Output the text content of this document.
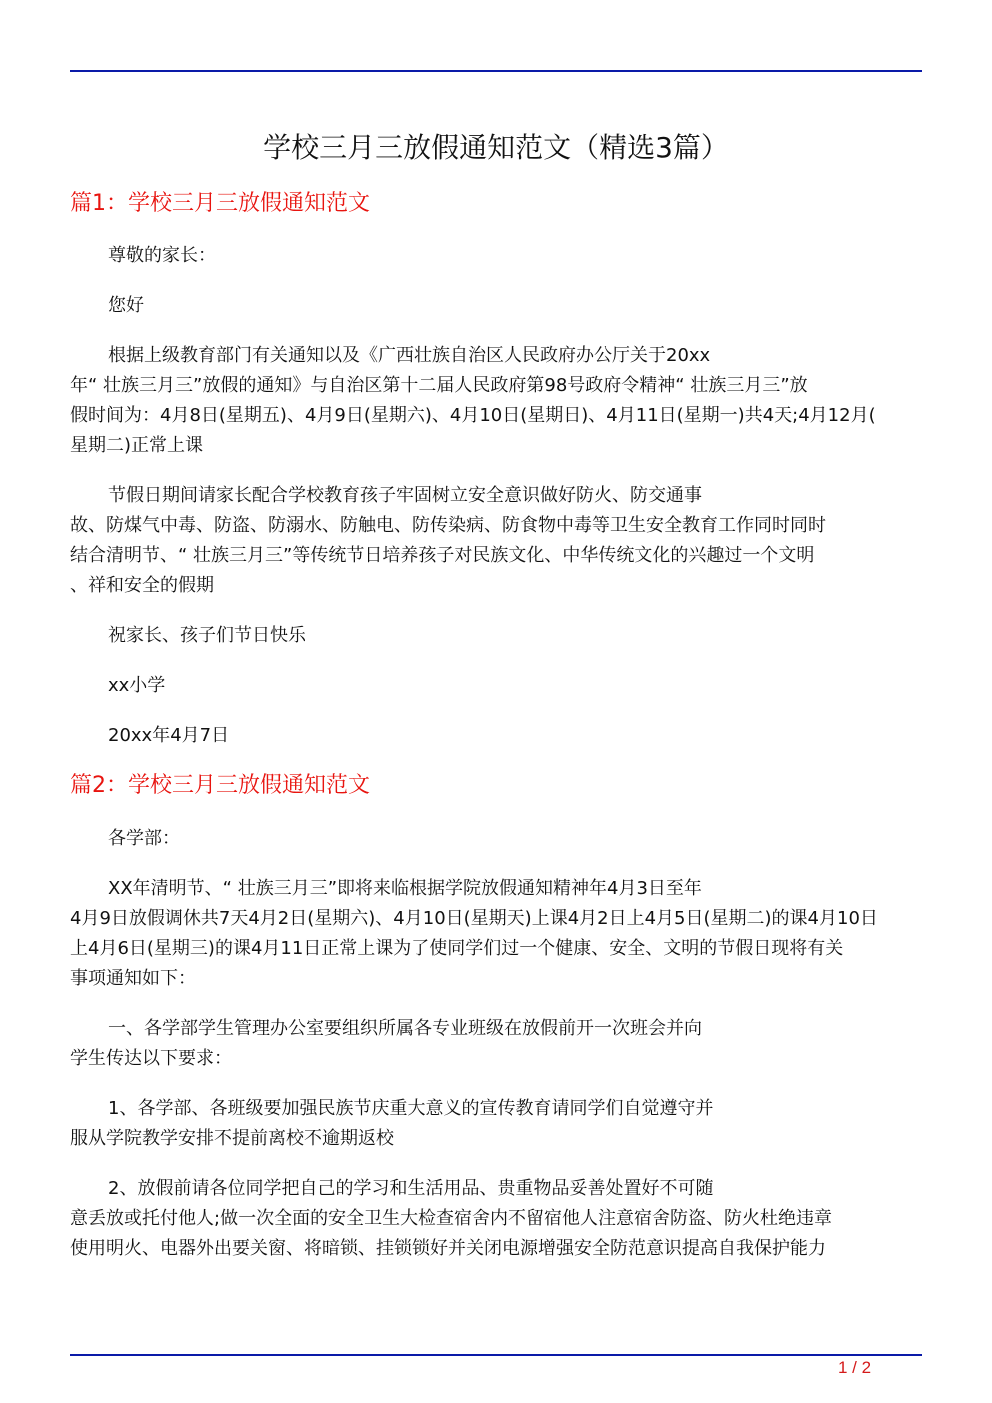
学校三月三放假通知范文（精选3篇）
篇1：学校三月三放假通知范文
尊敬的家长：
您好
根据上级教育部门有关通知以及《广西壮族自治区人民政府办公厅关于20xx
年“ 壮族三月三”放假的通知》与自治区第十二届人民政府第98号政府令精神“ 壮族三月三”放
假时间为：4月8日(星期五)、4月9日(星期六)、4月10日(星期日)、4月11日(星期一)共4天;4月12月(
星期二)正常上课
节假日期间请家长配合学校教育孩子牢固树立安全意识做好防火、防交通事
故、防煤气中毒、防盗、防溺水、防触电、防传染病、防食物中毒等卫生安全教育工作同时同时
结合清明节、“ 壮族三月三”等传统节日培养孩子对民族文化、中华传统文化的兴趣过一个文明
、祥和安全的假期
祝家长、孩子们节日快乐
xx小学
20xx年4月7日
篇2：学校三月三放假通知范文
各学部：
XX年清明节、“ 壮族三月三”即将来临根据学院放假通知精神年4月3日至年
4月9日放假调休共7天4月2日(星期六)、4月10日(星期天)上课4月2日上4月5日(星期二)的课4月10日
上4月6日(星期三)的课4月11日正常上课为了使同学们过一个健康、安全、文明的节假日现将有关
事项通知如下：
一、各学部学生管理办公室要组织所属各专业班级在放假前开一次班会并向
学生传达以下要求：
1、各学部、各班级要加强民族节庆重大意义的宣传教育请同学们自觉遵守并
服从学院教学安排不提前离校不逾期返校
2、放假前请各位同学把自己的学习和生活用品、贵重物品妥善处置好不可随
意丢放或托付他人;做一次全面的安全卫生大检查宿舍内不留宿他人注意宿舍防盗、防火杜绝违章
使用明火、电器外出要关窗、将暗锁、挂锁锁好并关闭电源增强安全防范意识提高自我保护能力
1 / 2
